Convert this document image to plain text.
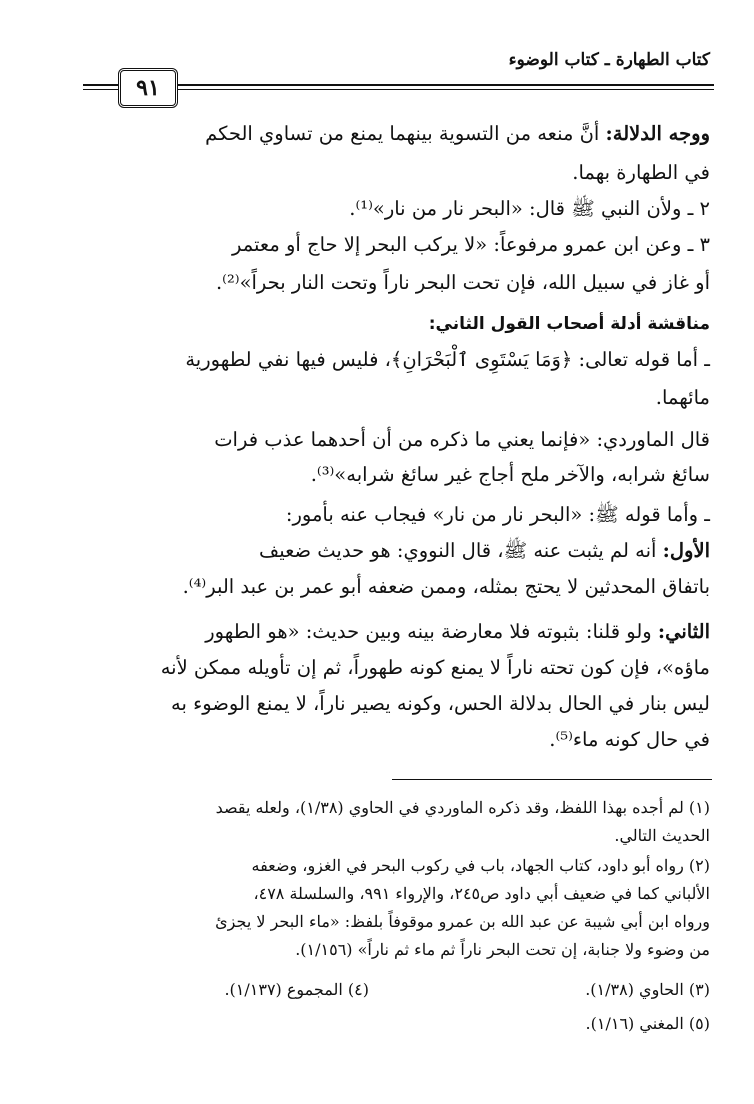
كتاب الطهارة ـ كتاب الوضوء
٩١
ووجه الدلالة: أنَّ منعه من التسوية بينهما يمنع من تساوي الحكم
في الطهارة بهما.
٢ ـ ولأن النبي ﷺ قال: «البحر نار من نار»⁽¹⁾.
٣ ـ وعن ابن عمرو مرفوعاً: «لا يركب البحر إلا حاج أو معتمر
أو غاز في سبيل الله، فإن تحت البحر ناراً وتحت النار بحراً»⁽²⁾.
مناقشة أدلة أصحاب القول الثاني:
ـ أما قوله تعالى: ﴿وَمَا يَسْتَوِى ٱلْبَحْرَانِ﴾، فليس فيها نفي لطهورية
مائهما.
قال الماوردي: «فإنما يعني ما ذكره من أن أحدهما عذب فرات
سائغ شرابه، والآخر ملح أجاج غير سائغ شرابه»⁽³⁾.
ـ وأما قوله ﷺ: «البحر نار من نار» فيجاب عنه بأمور:
الأول: أنه لم يثبت عنه ﷺ، قال النووي: هو حديث ضعيف
باتفاق المحدثين لا يحتج بمثله، وممن ضعفه أبو عمر بن عبد البر⁽⁴⁾.
الثاني: ولو قلنا: بثبوته فلا معارضة بينه وبين حديث: «هو الطهور
ماؤه»، فإن كون تحته ناراً لا يمنع كونه طهوراً، ثم إن تأويله ممكن لأنه
ليس بنار في الحال بدلالة الحس، وكونه يصير ناراً، لا يمنع الوضوء به
في حال كونه ماء⁽⁵⁾.
(١) لم أجده بهذا اللفظ، وقد ذكره الماوردي في الحاوي (١/٣٨)، ولعله يقصد
الحديث التالي.
(٢) رواه أبو داود، كتاب الجهاد، باب في ركوب البحر في الغزو، وضعفه
الألباني كما في ضعيف أبي داود ص٢٤٥، والإرواء ٩٩١، والسلسلة ٤٧٨،
ورواه ابن أبي شيبة عن عبد الله بن عمرو موقوفاً بلفظ: «ماء البحر لا يجزئ
من وضوء ولا جنابة، إن تحت البحر ناراً ثم ماء ثم ناراً» (١/١٥٦).
(٣) الحاوي (١/٣٨).
(٤) المجموع (١/١٣٧).
(٥) المغني (١/١٦).
